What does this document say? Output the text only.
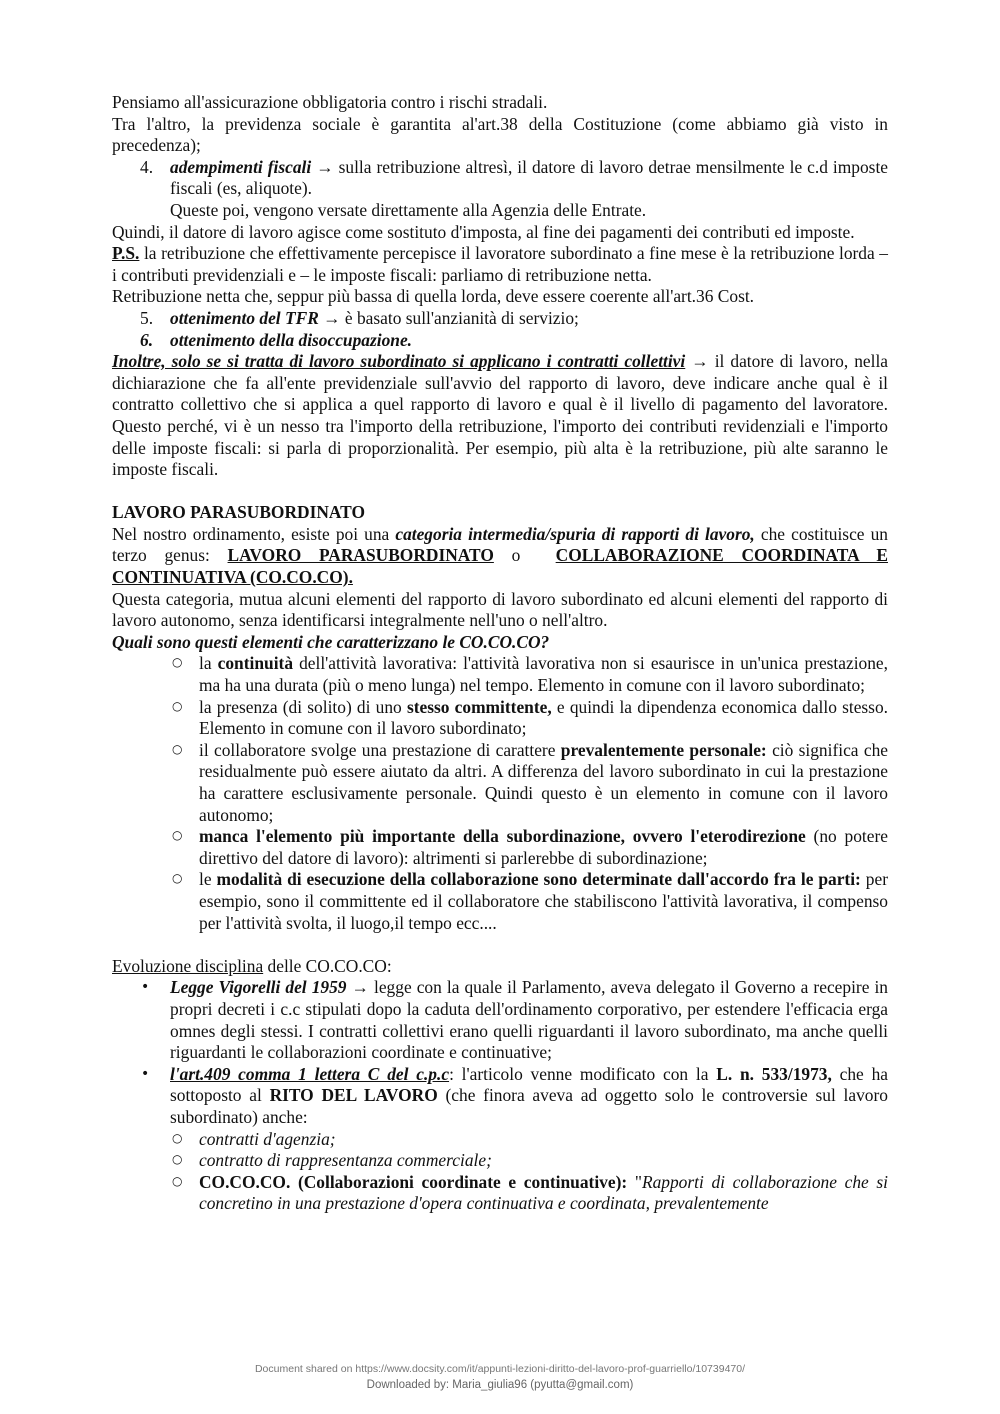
Pensiamo all'assicurazione obbligatoria contro i rischi stradali.

Tra l'altro, la previdenza sociale è garantita al'art.38 della Costituzione (come abbiamo già visto in precedenza);

4. adempimenti fiscali → sulla retribuzione altresì, il datore di lavoro detrae mensilmente le c.d imposte fiscali (es, aliquote).

Queste poi, vengono versate direttamente alla Agenzia delle Entrate.

Quindi, il datore di lavoro agisce come sostituto d'imposta, al fine dei pagamenti dei contributi ed imposte.

P.S. la retribuzione che effettivamente percepisce il lavoratore subordinato a fine mese è la retribuzione lorda – i contributi previdenziali e – le imposte fiscali: parliamo di retribuzione netta.

Retribuzione netta che, seppur più bassa di quella lorda, deve essere coerente all'art.36 Cost.

5. ottenimento del TFR → è basato sull'anzianità di servizio;
6. ottenimento della disoccupazione.

Inoltre, solo se si tratta di lavoro subordinato si applicano i contratti collettivi → il datore di lavoro, nella dichiarazione che fa all'ente previdenziale sull'avvio del rapporto di lavoro, deve indicare anche qual è il contratto collettivo che si applica a quel rapporto di lavoro e qual è il livello di pagamento del lavoratore. Questo perché, vi è un nesso tra l'importo della retribuzione, l'importo dei contributi revidenziali e l'importo delle imposte fiscali: si parla di proporzionalità. Per esempio, più alta è la retribuzione, più alte saranno le imposte fiscali.

LAVORO PARASUBORDINATO

Nel nostro ordinamento, esiste poi una categoria intermedia/spuria di rapporti di lavoro, che costituisce un terzo genus: LAVORO PARASUBORDINATO o COLLABORAZIONE COORDINATA E CONTINUATIVA (CO.CO.CO).

Questa categoria, mutua alcuni elementi del rapporto di lavoro subordinato ed alcuni elementi del rapporto di lavoro autonomo, senza identificarsi integralmente nell'uno o nell'altro.

Quali sono questi elementi che caratterizzano le CO.CO.CO?

○ la continuità dell'attività lavorativa: l'attività lavorativa non si esaurisce in un'unica prestazione, ma ha una durata (più o meno lunga) nel tempo. Elemento in comune con il lavoro subordinato;
○ la presenza (di solito) di uno stesso committente, e quindi la dipendenza economica dallo stesso. Elemento in comune con il lavoro subordinato;
○ il collaboratore svolge una prestazione di carattere prevalentemente personale: ciò significa che residualmente può essere aiutato da altri. A differenza del lavoro subordinato in cui la prestazione ha carattere esclusivamente personale. Quindi questo è un elemento in comune con il lavoro autonomo;
○ manca l'elemento più importante della subordinazione, ovvero l'eterodirezione (no potere direttivo del datore di lavoro): altrimenti si parlerebbe di subordinazione;
○ le modalità di esecuzione della collaborazione sono determinate dall'accordo fra le parti: per esempio, sono il committente ed il collaboratore che stabiliscono l'attività lavorativa, il compenso per l'attività svolta, il luogo,il tempo ecc....

Evoluzione disciplina delle CO.CO.CO:

• Legge Vigorelli del 1959 → legge con la quale il Parlamento, aveva delegato il Governo a recepire in propri decreti i c.c stipulati dopo la caduta dell'ordinamento corporativo, per estendere l'efficacia erga omnes degli stessi. I contratti collettivi erano quelli riguardanti il lavoro subordinato, ma anche quelli riguardanti le collaborazioni coordinate e continuative;
• l'art.409 comma 1 lettera C del c.p.c: l'articolo venne modificato con la L. n. 533/1973, che ha sottoposto al RITO DEL LAVORO (che finora aveva ad oggetto solo le controversie sul lavoro subordinato) anche:
○ contratti d'agenzia;
○ contratto di rappresentanza commerciale;
○ CO.CO.CO. (Collaborazioni coordinate e continuative): "Rapporti di collaborazione che si concretino in una prestazione d'opera continuativa e coordinata, prevalentemente
Document shared on https://www.docsity.com/it/appunti-lezioni-diritto-del-lavoro-prof-guarriello/10739470/
Downloaded by: Maria_giulia96 (pyutta@gmail.com)
